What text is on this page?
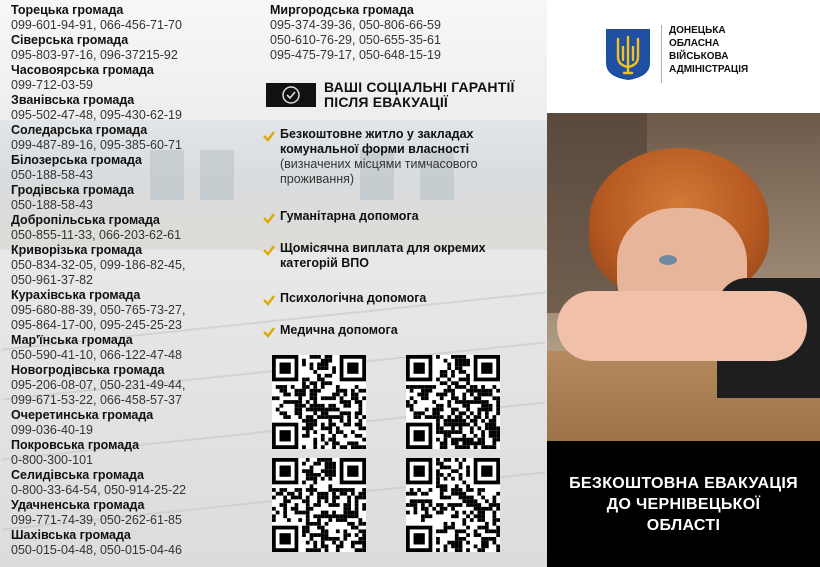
Торецька громада
099-601-94-91, 066-456-71-70
Сіверська громада
095-803-97-16, 096-37215-92
Часовоярська громада
099-712-03-59
Званівська громада
095-502-47-48, 095-430-62-19
Соледарська громада
099-487-89-16, 095-385-60-71
Білозерська громада
050-188-58-43
Гродівська громада
050-188-58-43
Добропільська громада
050-855-11-33, 066-203-62-61
Криворізька громада
050-834-32-05, 099-186-82-45,
050-961-37-82
Курахівська громада
095-680-88-39, 050-765-73-27,
095-864-17-00, 095-245-25-23
Мар'їнська громада
050-590-41-10, 066-122-47-48
Новогродівська громада
095-206-08-07, 050-231-49-44,
099-671-53-22, 066-458-57-37
Очеретинська громада
099-036-40-19
Покровська громада
0-800-300-101
Селидівська громада
0-800-33-64-54, 050-914-25-22
Удачненська громада
099-771-74-39, 050-262-61-85
Шахівська громада
050-015-04-48, 050-015-04-46
Миргородська громада
095-374-39-36, 050-806-66-59
050-610-76-29, 050-655-35-61
095-475-79-17, 050-648-15-19
ВАШІ СОЦІАЛЬНІ ГАРАНТІЇ ПІСЛЯ ЕВАКУАЦІЇ
Безкоштовне житло у закладах комунальної форми власності
(визначених місцями тимчасового проживання)
Гуманітарна допомога
Щомісячна виплата для окремих категорій ВПО
Психологічна допомога
Медична допомога
ДОНЕЦЬКА
ОБЛАСНА
ВІЙСЬКОВА
АДМІНІСТРАЦІЯ
БЕЗКОШТОВНА ЕВАКУАЦІЯ
ДО ЧЕРНІВЕЦЬКОЇ
ОБЛАСТІ
